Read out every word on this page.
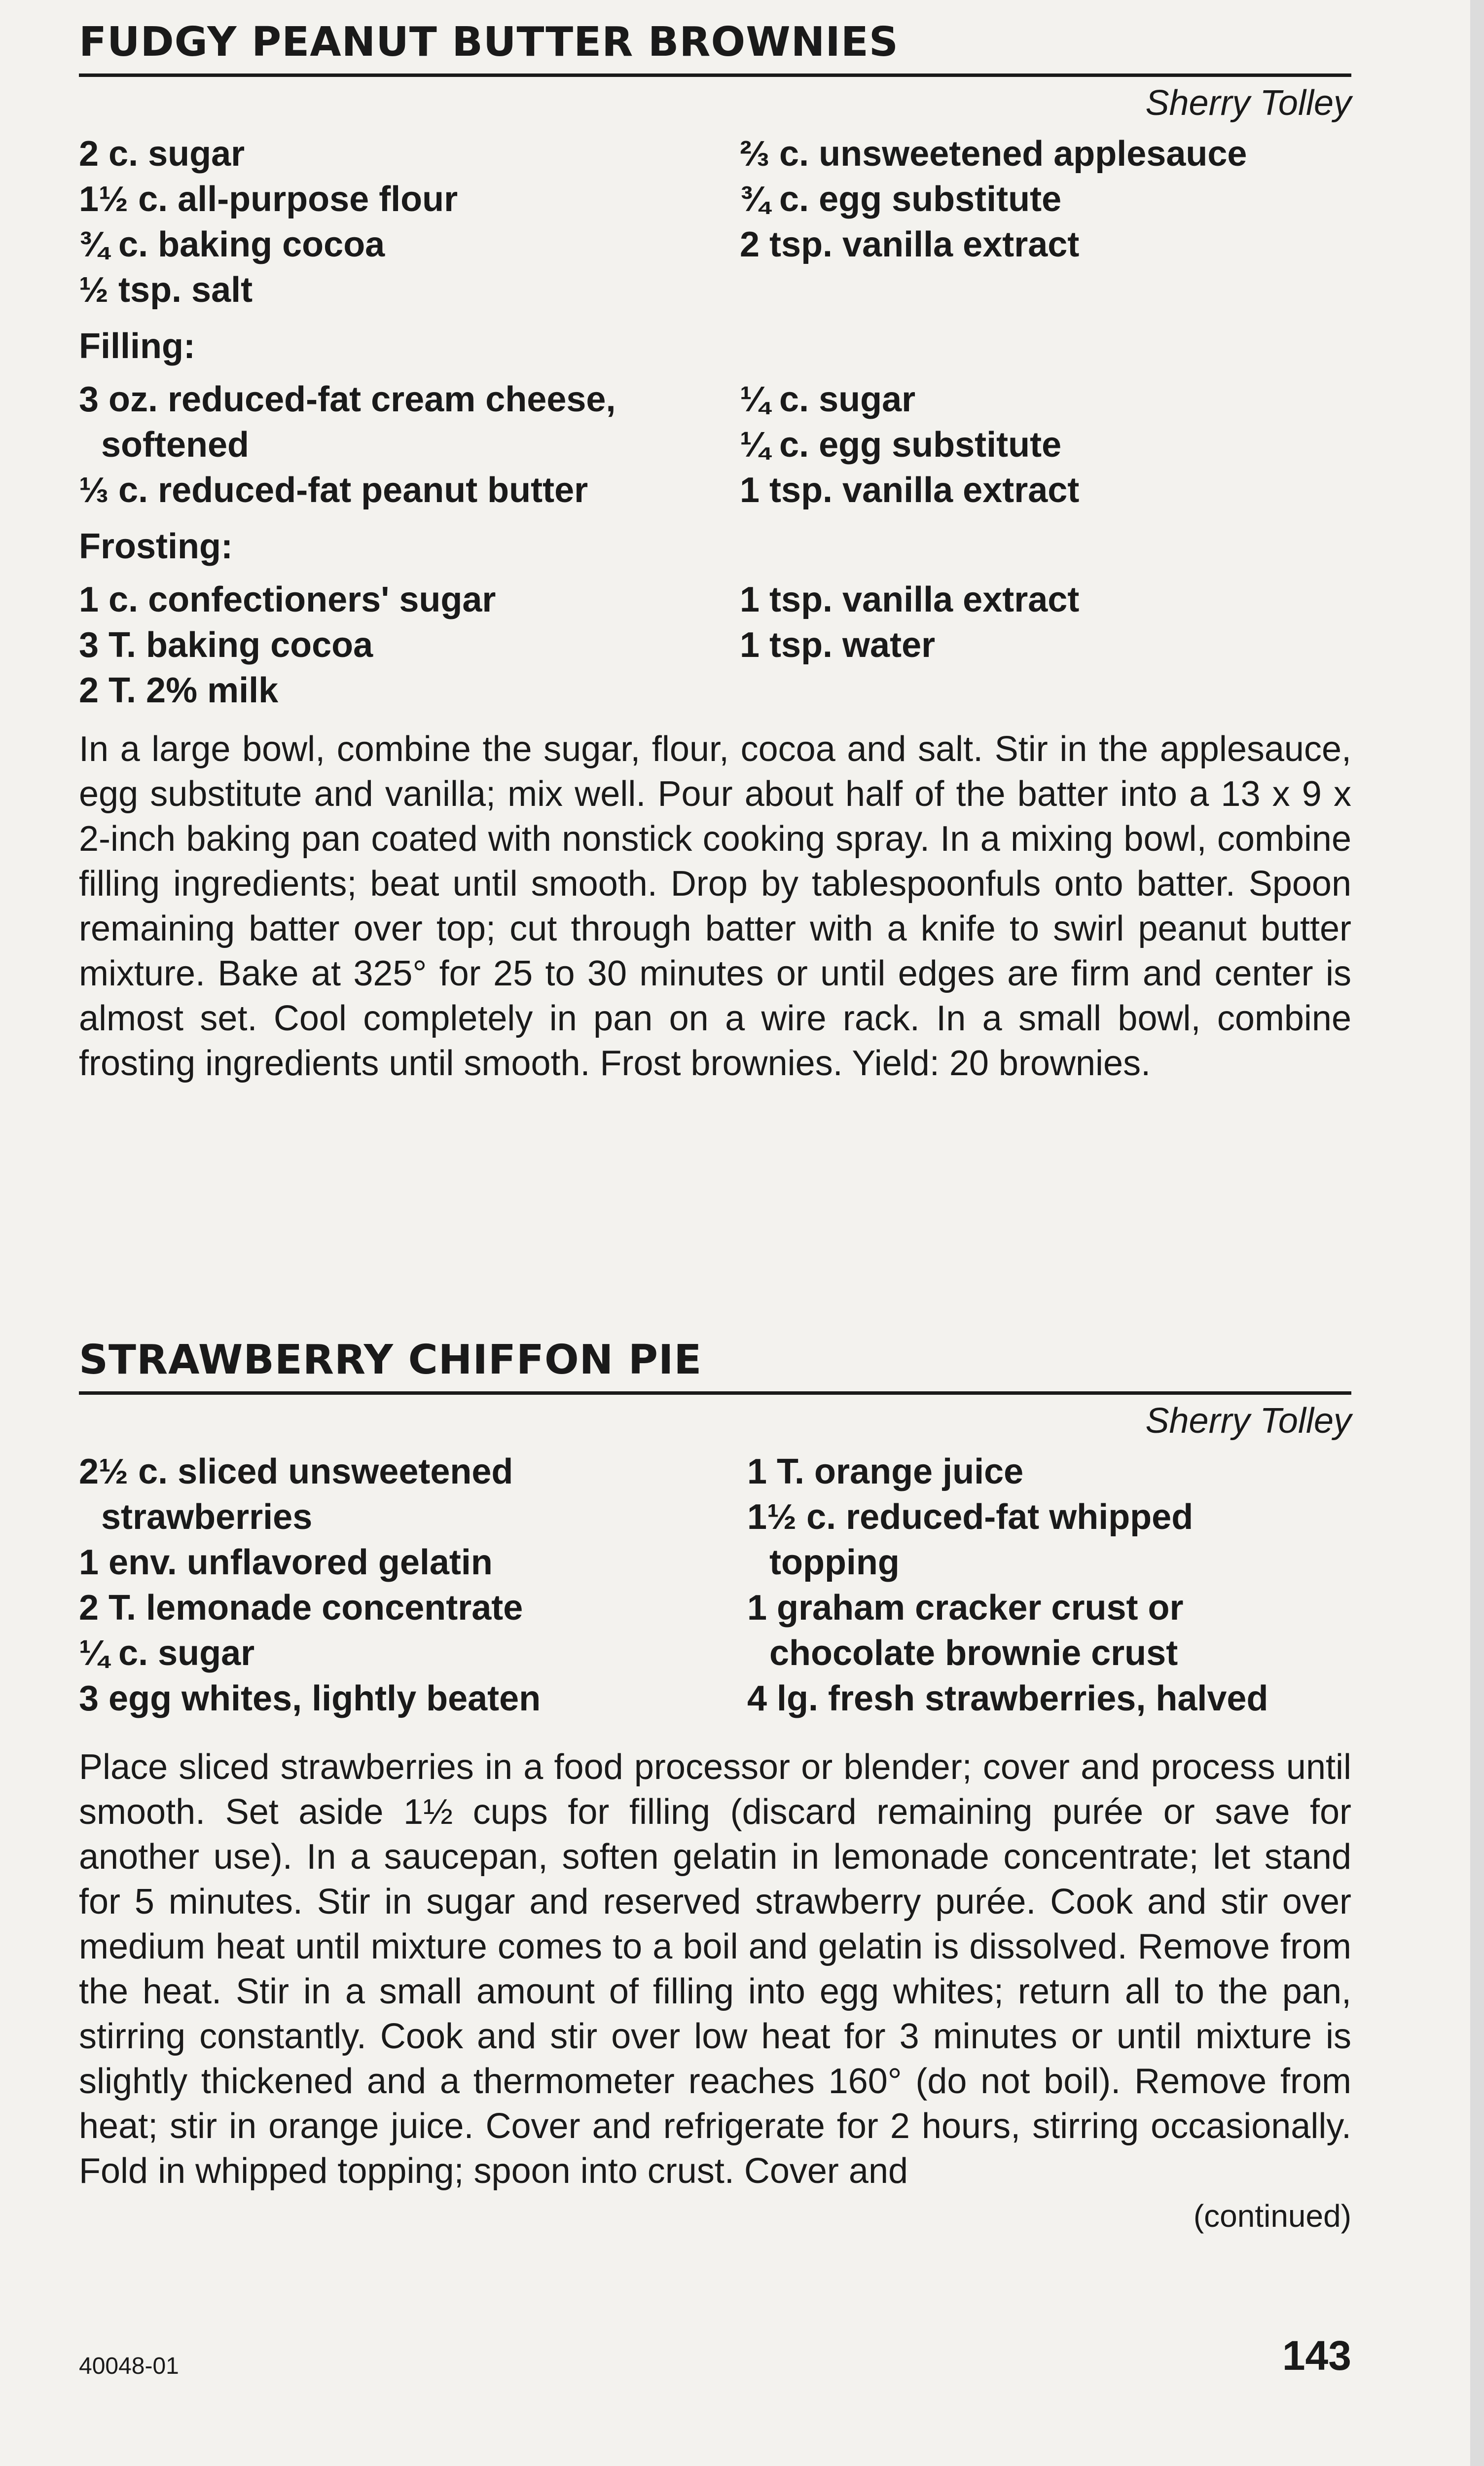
FUDGY PEANUT BUTTER BROWNIES
Sherry Tolley
2 c. sugar
1½ c. all-purpose flour
¾ c. baking cocoa
½ tsp. salt
⅔ c. unsweetened applesauce
¾ c. egg substitute
2 tsp. vanilla extract
Filling:
3 oz. reduced-fat cream cheese,
softened
⅓ c. reduced-fat peanut butter
¼ c. sugar
¼ c. egg substitute
1 tsp. vanilla extract
Frosting:
1 c. confectioners' sugar
3 T. baking cocoa
2 T. 2% milk
1 tsp. vanilla extract
1 tsp. water

In a large bowl, combine the sugar, flour, cocoa and salt. Stir in the applesauce, egg substitute and vanilla; mix well. Pour about half of the batter into a 13 x 9 x 2-inch baking pan coated with nonstick cooking spray. In a mixing bowl, combine filling ingredients; beat until smooth. Drop by tablespoonfuls onto batter. Spoon remaining batter over top; cut through batter with a knife to swirl peanut butter mixture. Bake at 325° for 25 to 30 minutes or until edges are firm and center is almost set. Cool completely in pan on a wire rack. In a small bowl, combine frosting ingredients until smooth. Frost brownies. Yield: 20 brownies.

STRAWBERRY CHIFFON PIE
Sherry Tolley
2½ c. sliced unsweetened
strawberries
1 env. unflavored gelatin
2 T. lemonade concentrate
¼ c. sugar
3 egg whites, lightly beaten
1 T. orange juice
1½ c. reduced-fat whipped
topping
1 graham cracker crust or
chocolate brownie crust
4 lg. fresh strawberries, halved

Place sliced strawberries in a food processor or blender; cover and process until smooth. Set aside 1½ cups for filling (discard remaining purée or save for another use). In a saucepan, soften gelatin in lemonade concentrate; let stand for 5 minutes. Stir in sugar and reserved strawberry purée. Cook and stir over medium heat until mixture comes to a boil and gelatin is dissolved. Remove from the heat. Stir in a small amount of filling into egg whites; return all to the pan, stirring constantly. Cook and stir over low heat for 3 minutes or until mixture is slightly thickened and a thermometer reaches 160° (do not boil). Remove from heat; stir in orange juice. Cover and refrigerate for 2 hours, stirring occasionally. Fold in whipped topping; spoon into crust. Cover and

(continued)
40048-01	143
